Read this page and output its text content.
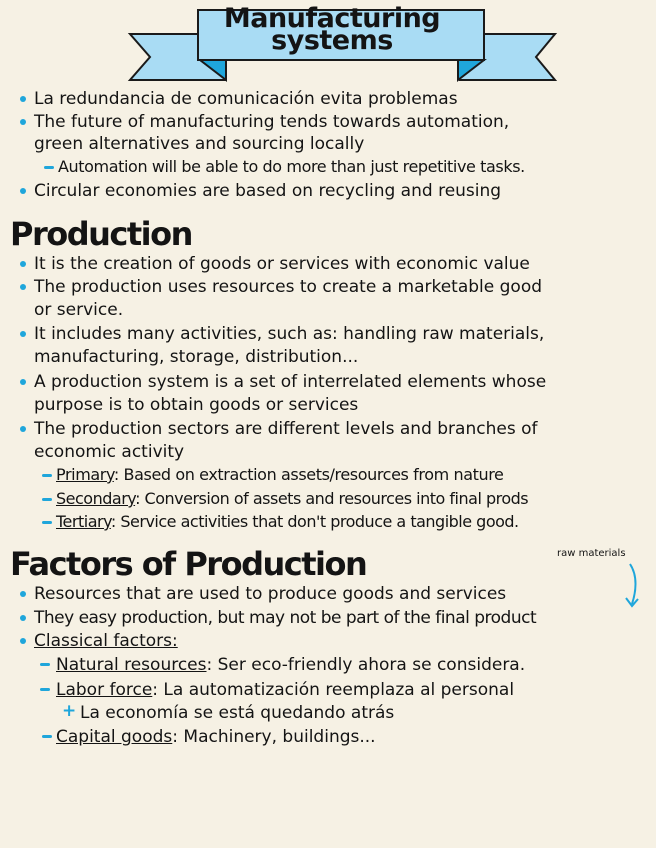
Manufacturing
systems
La redundancia de comunicación evita problemas
The future of manufacturing tends towards automation,
green alternatives and sourcing locally
Automation will be able to do more than just repetitive tasks.
Circular economies are based on recycling and reusing
Production
It is the creation of goods or services with economic value
The production uses resources to create a marketable good
or service.
It includes many activities, such as: handling raw materials,
manufacturing, storage, distribution...
A production system is a set of interrelated elements whose
purpose is to obtain goods or services
The production sectors are different levels and branches of
economic activity
Primary: Based on extraction assets/resources from nature
Secondary: Conversion of assets and resources into final prods
Tertiary: Service activities that don't produce a tangible good.
Factors of Production	raw materials
Resources that are used to produce goods and services
They easy production, but may not be part of the final product
Classical factors:
Natural resources: Ser eco-friendly ahora se considera.
Labor force: La automatización reemplaza al personal
+ La economía se está quedando atrás
Capital goods: Machinery, buildings...
